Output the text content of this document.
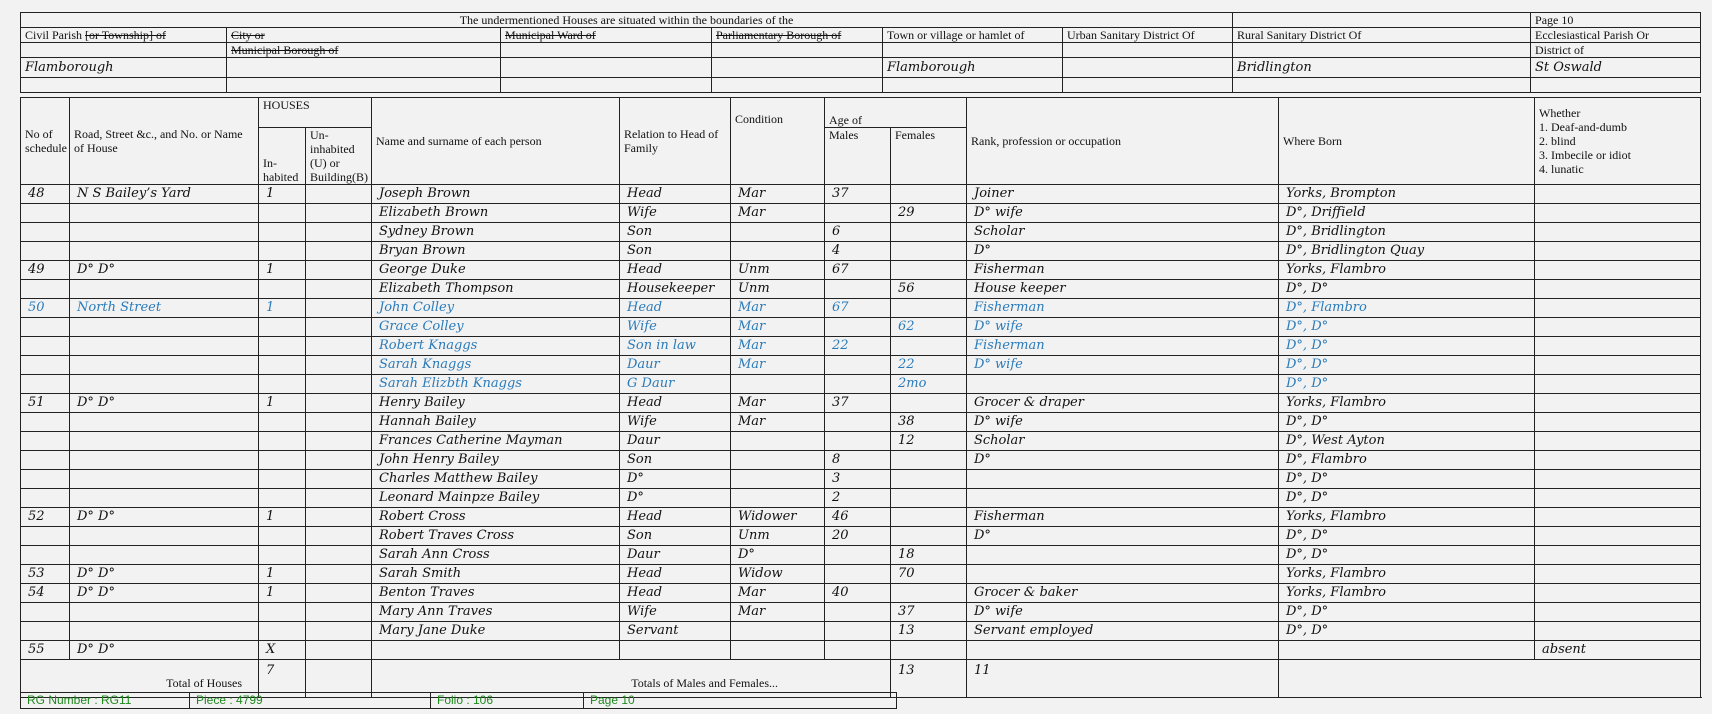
The undermentioned Houses are situated within the boundaries of the							Page 10
Civil Parish [or Township] of	City or	Municipal Ward of	Parliamentary Borough of	Town or village or hamlet of	Urban Sanitary District Of	Rural Sanitary District Of	Ecclesiastical Parish Or
	Municipal Borough of						District of
Flamborough				Flamborough		Bridlington	St Oswald

No of schedule	Road, Street &c., and No. or Name of House	HOUSES		Name and surname of each person	Relation to Head of Family	Condition	Age of		Rank, profession or occupation	Where Born	Whether
1. Deaf-and-dumb
2. blind
3. Imbecile or idiot
4. lunatic

		In-habited	Un-inhabited (U) or Building(B)				Males	Females			
48	N S Bailey’s Yard	1		Joseph Brown	Head	Mar	37		Joiner	Yorks, Brompton	
				Elizabeth Brown	Wife	Mar		29	D° wife	D°, Driffield	
				Sydney Brown	Son		6		Scholar	D°, Bridlington	
				Bryan Brown	Son		4		D°	D°, Bridlington Quay	
49	D° D°	1		George Duke	Head	Unm	67		Fisherman	Yorks, Flambro	
				Elizabeth Thompson	Housekeeper	Unm		56	House keeper	D°, D°	
50	North Street	1		John Colley	Head	Mar	67		Fisherman	D°, Flambro	
				Grace Colley	Wife	Mar		62	D° wife	D°, D°	
				Robert Knaggs	Son in law	Mar	22		Fisherman	D°, D°	
				Sarah Knaggs	Daur	Mar		22	D° wife	D°, D°	
				Sarah Elizbth Knaggs	G Daur			2mo		D°, D°	
51	D° D°	1		Henry Bailey	Head	Mar	37		Grocer & draper	Yorks, Flambro	
				Hannah Bailey	Wife	Mar		38	D° wife	D°, D°	
				Frances Catherine Mayman	Daur			12	Scholar	D°, West Ayton	
				John Henry Bailey	Son		8		D°	D°, Flambro	
				Charles Matthew Bailey	D°		3			D°, D°	
				Leonard Mainpze Bailey	D°		2			D°, D°	
52	D° D°	1		Robert Cross	Head	Widower	46		Fisherman	Yorks, Flambro	
				Robert Traves Cross	Son	Unm	20		D°	D°, D°	
				Sarah Ann Cross	Daur	D°		18		D°, D°	
53	D° D°	1		Sarah Smith	Head	Widow		70		Yorks, Flambro	
54	D° D°	1		Benton Traves	Head	Mar	40		Grocer & baker	Yorks, Flambro	
				Mary Ann Traves	Wife	Mar		37	D° wife	D°, D°	
				Mary Jane Duke	Servant			13	Servant employed	D°, D°	
55	D° D°	X									absent
Total of Houses		7		Totals of Males and Females...				13	11		
RG Number : RG11	Piece : 4799	Folio : 106	Page 10
